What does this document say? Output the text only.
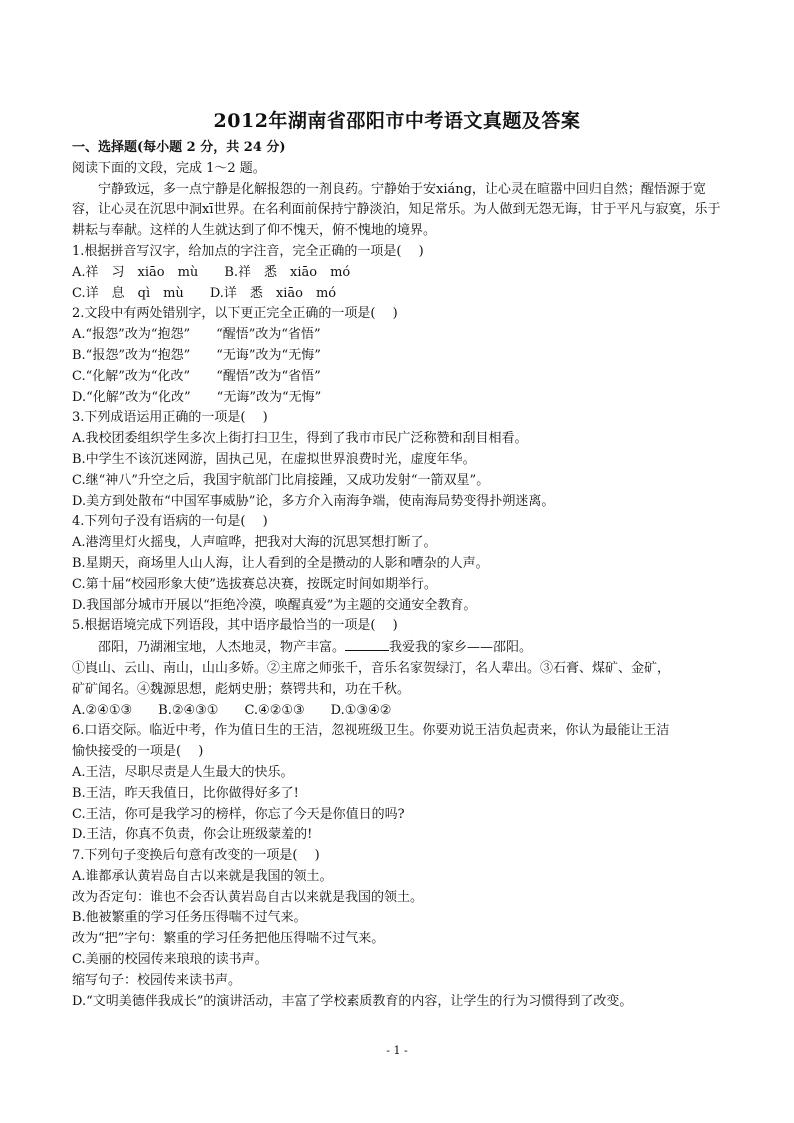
2012年湖南省邵阳市中考语文真题及答案
一、选择题(每小题 2 分，共 24 分)
阅读下面的文段，完成 1～2 题。
宁静致远，多一点宁静是化解报怨的一剂良药。宁静始于安xiáng，让心灵在暄嚣中回归自然；醒悟源于宽容，让心灵在沉思中洞xī世界。在名利面前保持宁静淡泊，知足常乐。为人做到无怨无诲，甘于平凡与寂寞，乐于耕耘与奉献。这样的人生就达到了仰不愧天，俯不愧地的境界。
1.根据拼音写汉字，给加点的字注音，完全正确的一项是(　 )
A.祥　习　xiāo　mù　　 B.祥　悉　xiāo　mó
C.详　息　qì　mù　　 D.详　悉　xiāo　mó
2.文段中有两处错别字，以下更正完全正确的一项是(　 )
A.“报怨”改为“抱怨”　　“醒悟”改为“省悟”
B.“报怨”改为“抱怨”　　“无诲”改为“无悔”
C.“化解”改为“化改”　　“醒悟”改为“省悟”
D.“化解”改为“化改”　　“无诲”改为“无悔”
3.下列成语运用正确的一项是(　 )
A.我校团委组织学生多次上街打扫卫生，得到了我市市民广泛称赞和刮目相看。
B.中学生不该沉迷网游，固执己见，在虚拟世界浪费时光，虚度年华。
C.继“神八”升空之后，我国宇航部门比肩接踵，又成功发射“一箭双星”。
D.美方到处散布“中国军事威胁”论，多方介入南海争端，使南海局势变得扑朔迷离。
4.下列句子没有语病的一句是(　 )
A.港湾里灯火摇曳，人声喧哗，把我对大海的沉思冥想打断了。
B.星期天，商场里人山人海，让人看到的全是攒动的人影和嘈杂的人声。
C.第十届“校园形象大使”选拔赛总决赛，按既定时间如期举行。
D.我国部分城市开展以“拒绝冷漠，唤醒真爱”为主题的交通安全教育。
5.根据语境完成下列语段，其中语序最恰当的一项是(　 )
邵阳，乃湖湘宝地，人杰地灵，物产丰富。	我爱我的家乡——邵阳。
①崀山、云山、南山，山山多娇。②主席之师张千，音乐名家贺绿汀，名人辈出。③石膏、煤矿、金矿，
矿矿闻名。④魏源思想，彪炳史册；蔡锷共和，功在千秋。
A.②④①③　　B.②④③①　　C.④②①③　　D.①③④②
6.口语交际。临近中考，作为值日生的王洁，忽视班级卫生。你要劝说王洁负起责来，你认为最能让王洁
愉快接受的一项是(　 )
A.王洁，尽职尽责是人生最大的快乐。
B.王洁，昨天我值日，比你做得好多了!
C.王洁，你可是我学习的榜样，你忘了今天是你值日的吗?
D.王洁，你真不负责，你会让班级蒙羞的!
7.下列句子变换后句意有改变的一项是(　 )
A.谁都承认黄岩岛自古以来就是我国的领土。
改为否定句：谁也不会否认黄岩岛自古以来就是我国的领土。
B.他被繁重的学习任务压得喘不过气来。
改为“把”字句：繁重的学习任务把他压得喘不过气来。
C.美丽的校园传来琅琅的读书声。
缩写句子：校园传来读书声。
D.“文明美德伴我成长”的演讲活动，丰富了学校素质教育的内容，让学生的行为习惯得到了改变。
- 1 -
